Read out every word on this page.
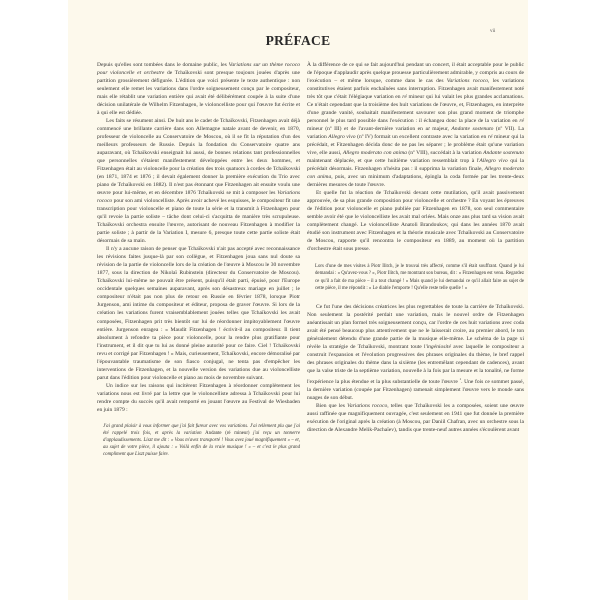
vii
PRÉFACE

Depuis qu'elles sont tombées dans le domaine public, les Variations sur un thème rococo pour violoncelle et orchestre de Tchaïkovski sont presque toujours jouées d'après une partition grossièrement défigurée. L'édition que voici présente le texte authentique : non seulement elle remet les variations dans l'ordre soigneusement conçu par le compositeur, mais elle rétablit une variation entière qui avait été délibérément coupée à la suite d'une décision unilatérale de Wilhelm Fitzenhagen, le violoncelliste pour qui l'œuvre fut écrite et à qui elle est dédiée.

Les faits se résument ainsi. De huit ans le cadet de Tchaïkovski, Fitzenhagen avait déjà commencé une brillante carrière dans son Allemagne natale avant de devenir, en 1870, professeur de violoncelle au Conservatoire de Moscou, où il se fit la réputation d'un des meilleurs professeurs de Russie. Depuis la fondation du Conservatoire quatre ans auparavant, où Tchaïkovski enseignait lui aussi, de bonnes relations tant professionnelles que personnelles s'étaient manifestement développées entre les deux hommes, et Fitzenhagen était au violoncelle pour la création des trois quatuors à cordes de Tchaïkovski (en 1871, 1874 et 1876 ; il devait également donner la première exécution du Trio avec piano de Tchaïkovski en 1882). Il n'est pas étonnant que Fitzenhagen ait ensuite voulu une œuvre pour lui-même, et en décembre 1876 Tchaïkovski se mit à composer les Variations rococo pour son ami violoncelliste. Après avoir achevé les esquisses, le compositeur fit une transcription pour violoncelle et piano de toute la série et la transmit à Fitzenhagen pour qu'il revoie la partie soliste – tâche dont celui-ci s'acquitta de manière très scrupuleuse. Tchaïkovski orchestra ensuite l'œuvre, autorisant de nouveau Fitzenhagen à modifier la partie soliste ; à partir de la Variation I, mesure 6, presque toute cette partie soliste était désormais de sa main.

Il n'y a aucune raison de penser que Tchaïkovski n'ait pas accepté avec reconnaissance les révisions faites jusque-là par son collègue, et Fitzenhagen joua sans nul doute sa révision de la partie de violoncelle lors de la création de l'œuvre à Moscou le 30 novembre 1877, sous la direction de Nikolaï Rubinstein (directeur du Conservatoire de Moscou). Tchaïkovski lui-même ne pouvait être présent, puisqu'il était parti, épuisé, pour l'Europe occidentale quelques semaines auparavant, après son désastreux mariage en juillet ; le compositeur n'était pas non plus de retour en Russie en février 1878, lorsque Piotr Jurgenson, ami intime du compositeur et éditeur, proposa de graver l'œuvre. Si lors de la création les variations furent vraisemblablement jouées telles que Tchaïkovski les avait composées, Fitzenhagen prit très bientôt sur lui de réordonner impitoyablement l'œuvre entière. Jurgenson enragea : « Maudit Fitzenhagen ! écrivit-il au compositeur. Il tient absolument à refondre ta pièce pour violoncelle, pour la rendre plus gratifiante pour l'instrument, et il dit que tu lui as donné pleine autorité pour ce faire. Ciel ! Tchaïkovski revu et corrigé par Fitzenhagen ! » Mais, curieusement, Tchaïkovski, encore démoralisé par l'épouvantable traumatisme de son fiasco conjugal, ne tenta pas d'empêcher les interventions de Fitzenhagen, et la nouvelle version des variations due au violoncelliste parut dans l'édition pour violoncelle et piano au mois de novembre suivant.

Un indice sur les raisons qui incitèrent Fitzenhagen à réordonner complètement les variations nous est livré par la lettre que le violoncelliste adressa à Tchaïkovski pour lui rendre compte du succès qu'il avait remporté en jouant l'œuvre au Festival de Wiesbaden en juin 1879 :

J'ai grand plaisir à vous informer que j'ai fait fureur avec vos variations. J'ai tellement plu que j'ai été rappelé trois fois, et après la variation Andante (ré mineur) j'ai reçu un tonnerre d'applaudissements. Liszt me dit : « Vous m'avez transporté ! Vous avez joué magnifiquement » – et, au sujet de votre pièce, il ajouta : « Voilà enfin de la vraie musique ! » – et c'est le plus grand compliment que Liszt puisse faire.

À la différence de ce qui se fait aujourd'hui pendant un concert, il était acceptable pour le public de l'époque d'applaudir après quelque prouesse particulièrement admirable, y compris au cours de l'exécution – et même lorsque, comme dans le cas des Variations rococo, les variations constitutives étaient parfois enchaînées sans interruption. Fitzenhagen avait manifestement noté très tôt que c'était l'élégiaque variation en ré mineur qui lui valait les plus grandes acclamations. Ce n'était cependant que la troisième des huit variations de l'œuvre, et, Fitzenhagen, en interprète d'une grande vanité, souhaitait manifestement savourer son plus grand moment de triomphe personnel le plus tard possible dans l'exécution : il échangea donc la place de la variation en ré mineur (nº III) et de l'avant-dernière variation en ut majeur, Andante sostenuto (nº VII). La variation Allegro vivo (nº IV) formait un excellent contraste avec la variation en ré mineur qui la précédait, et Fitzenhagen décida donc de ne pas les séparer ; le problème était qu'une variation vive, elle aussi, Allegro moderato con anima (nº VIII), succédait à la variation Andante sostenuto maintenant déplacée, et que cette huitième variation ressemblait trop à l'Allegro vivo qui la précédait désormais. Fitzenhagen n'hésita pas : il supprima la variation finale, Allegro moderato con anima, puis, avec un minimum d'adaptations, épingla la coda formée par les trente-deux dernières mesures de toute l'œuvre.

Et quelle fut la réaction de Tchaïkovski devant cette mutilation, qu'il avait passivement approuvée, de sa plus grande composition pour violoncelle et orchestre ? En voyant les épreuves de l'édition pour violoncelle et piano publiée par Fitzenhagen en 1878, son seul commentaire semble avoir été que le violoncelliste les avait mal orlées. Mais onze ans plus tard sa vision avait complètement changé. Le violoncelliste Anatoli Brandoukov, qui dans les années 1870 avait étudié son instrument avec Fitzenhagen et la théorie musicale avec Tchaïkovski au Conservatoire de Moscou, rapporte qu'il rencontra le compositeur en 1889, au moment où la partition d'orchestre était sous presse.

Lors d'une de mes visites à Piotr Ilitch, je le trouvai très affecté, comme s'il était souffrant. Quand je lui demandai : « Qu'avez-vous ? », Piotr Ilitch, me montrant son bureau, dit : « Fitzenhagen est venu. Regardez ce qu'il a fait de ma pièce – il a tout changé ! » Mais quand je lui demandai ce qu'il allait faire au sujet de cette pièce, il me répondit : « Le diable l'emporte ! Qu'elle reste telle quelle ! »

Ce fut l'une des décisions créatrices les plus regrettables de toute la carrière de Tchaïkovski. Non seulement la postérité perdait une variation, mais le nouvel ordre de Fitzenhagen anéantissait un plan formel très soigneusement conçu, car l'ordre de ces huit variations avec coda avait été pensé beaucoup plus attentivement que ne le laisserait croire, au premier abord, le ton généralement détendu d'une grande partie de la musique elle-même. Le schéma de la page xi révèle la stratégie de Tchaïkovski, montrant toute l'ingéniosité avec laquelle le compositeur a construit l'expansion et l'évolution progressives des phrases originales du thème, le bref rappel des phrases originales du thème dans la sixième (les entremêlant cependant de cadences), avant que la valse triste de la septième variation, nouvelle à la fois par la mesure et la tonalité, ne forme l'expérience la plus étendue et la plus substantielle de toute l'œuvre $^1$. Une fois ce sommet passé, la dernière variation (coupée par Fitzenhagen) ramenait simplement l'œuvre vers le monde sans nuages de son début.

Bien que les Variations rococo, telles que Tchaïkovski les a composées, soient une œuvre aussi raffinée que magnifiquement ouvragée, c'est seulement en 1941 que fut donnée la première exécution de l'original après la création (à Moscou, par Daniil Chafran, avec un orchestre sous la direction de Alexandre Melik-Pachaïev), tandis que trente-neuf autres années s'écoulèrent avant
